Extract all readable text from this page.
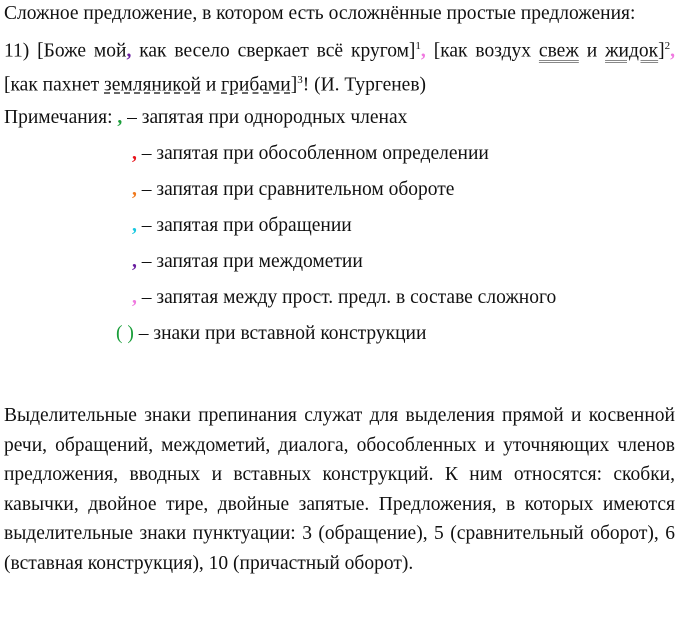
Сложное предложение, в котором есть осложнённые простые предложения:

11) [Боже мой, как весело сверкает всё кругом]$^1$, [как воздух свеж и жидок]$^2$, [как пахнет земляникой и грибами]$^3$! (И. Тургенев)

Примечания: , – запятая при однородных членах
, – запятая при обособленном определении
, – запятая при сравнительном обороте
, – запятая при обращении
, – запятая при междометии
, – запятая между прост. предл. в составе сложного
( ) – знаки при вставной конструкции

Выделительные знаки препинания служат для выделения прямой и косвенной речи, обращений, междометий, диалога, обособленных и уточняющих членов предложения, вводных и вставных конструкций. К ним относятся: скобки, кавычки, двойное тире, двойные запятые. Предложения, в которых имеются выделительные знаки пунктуации: 3 (обращение), 5 (сравнительный оборот), 6 (вставная конструкция), 10 (причастный оборот).
